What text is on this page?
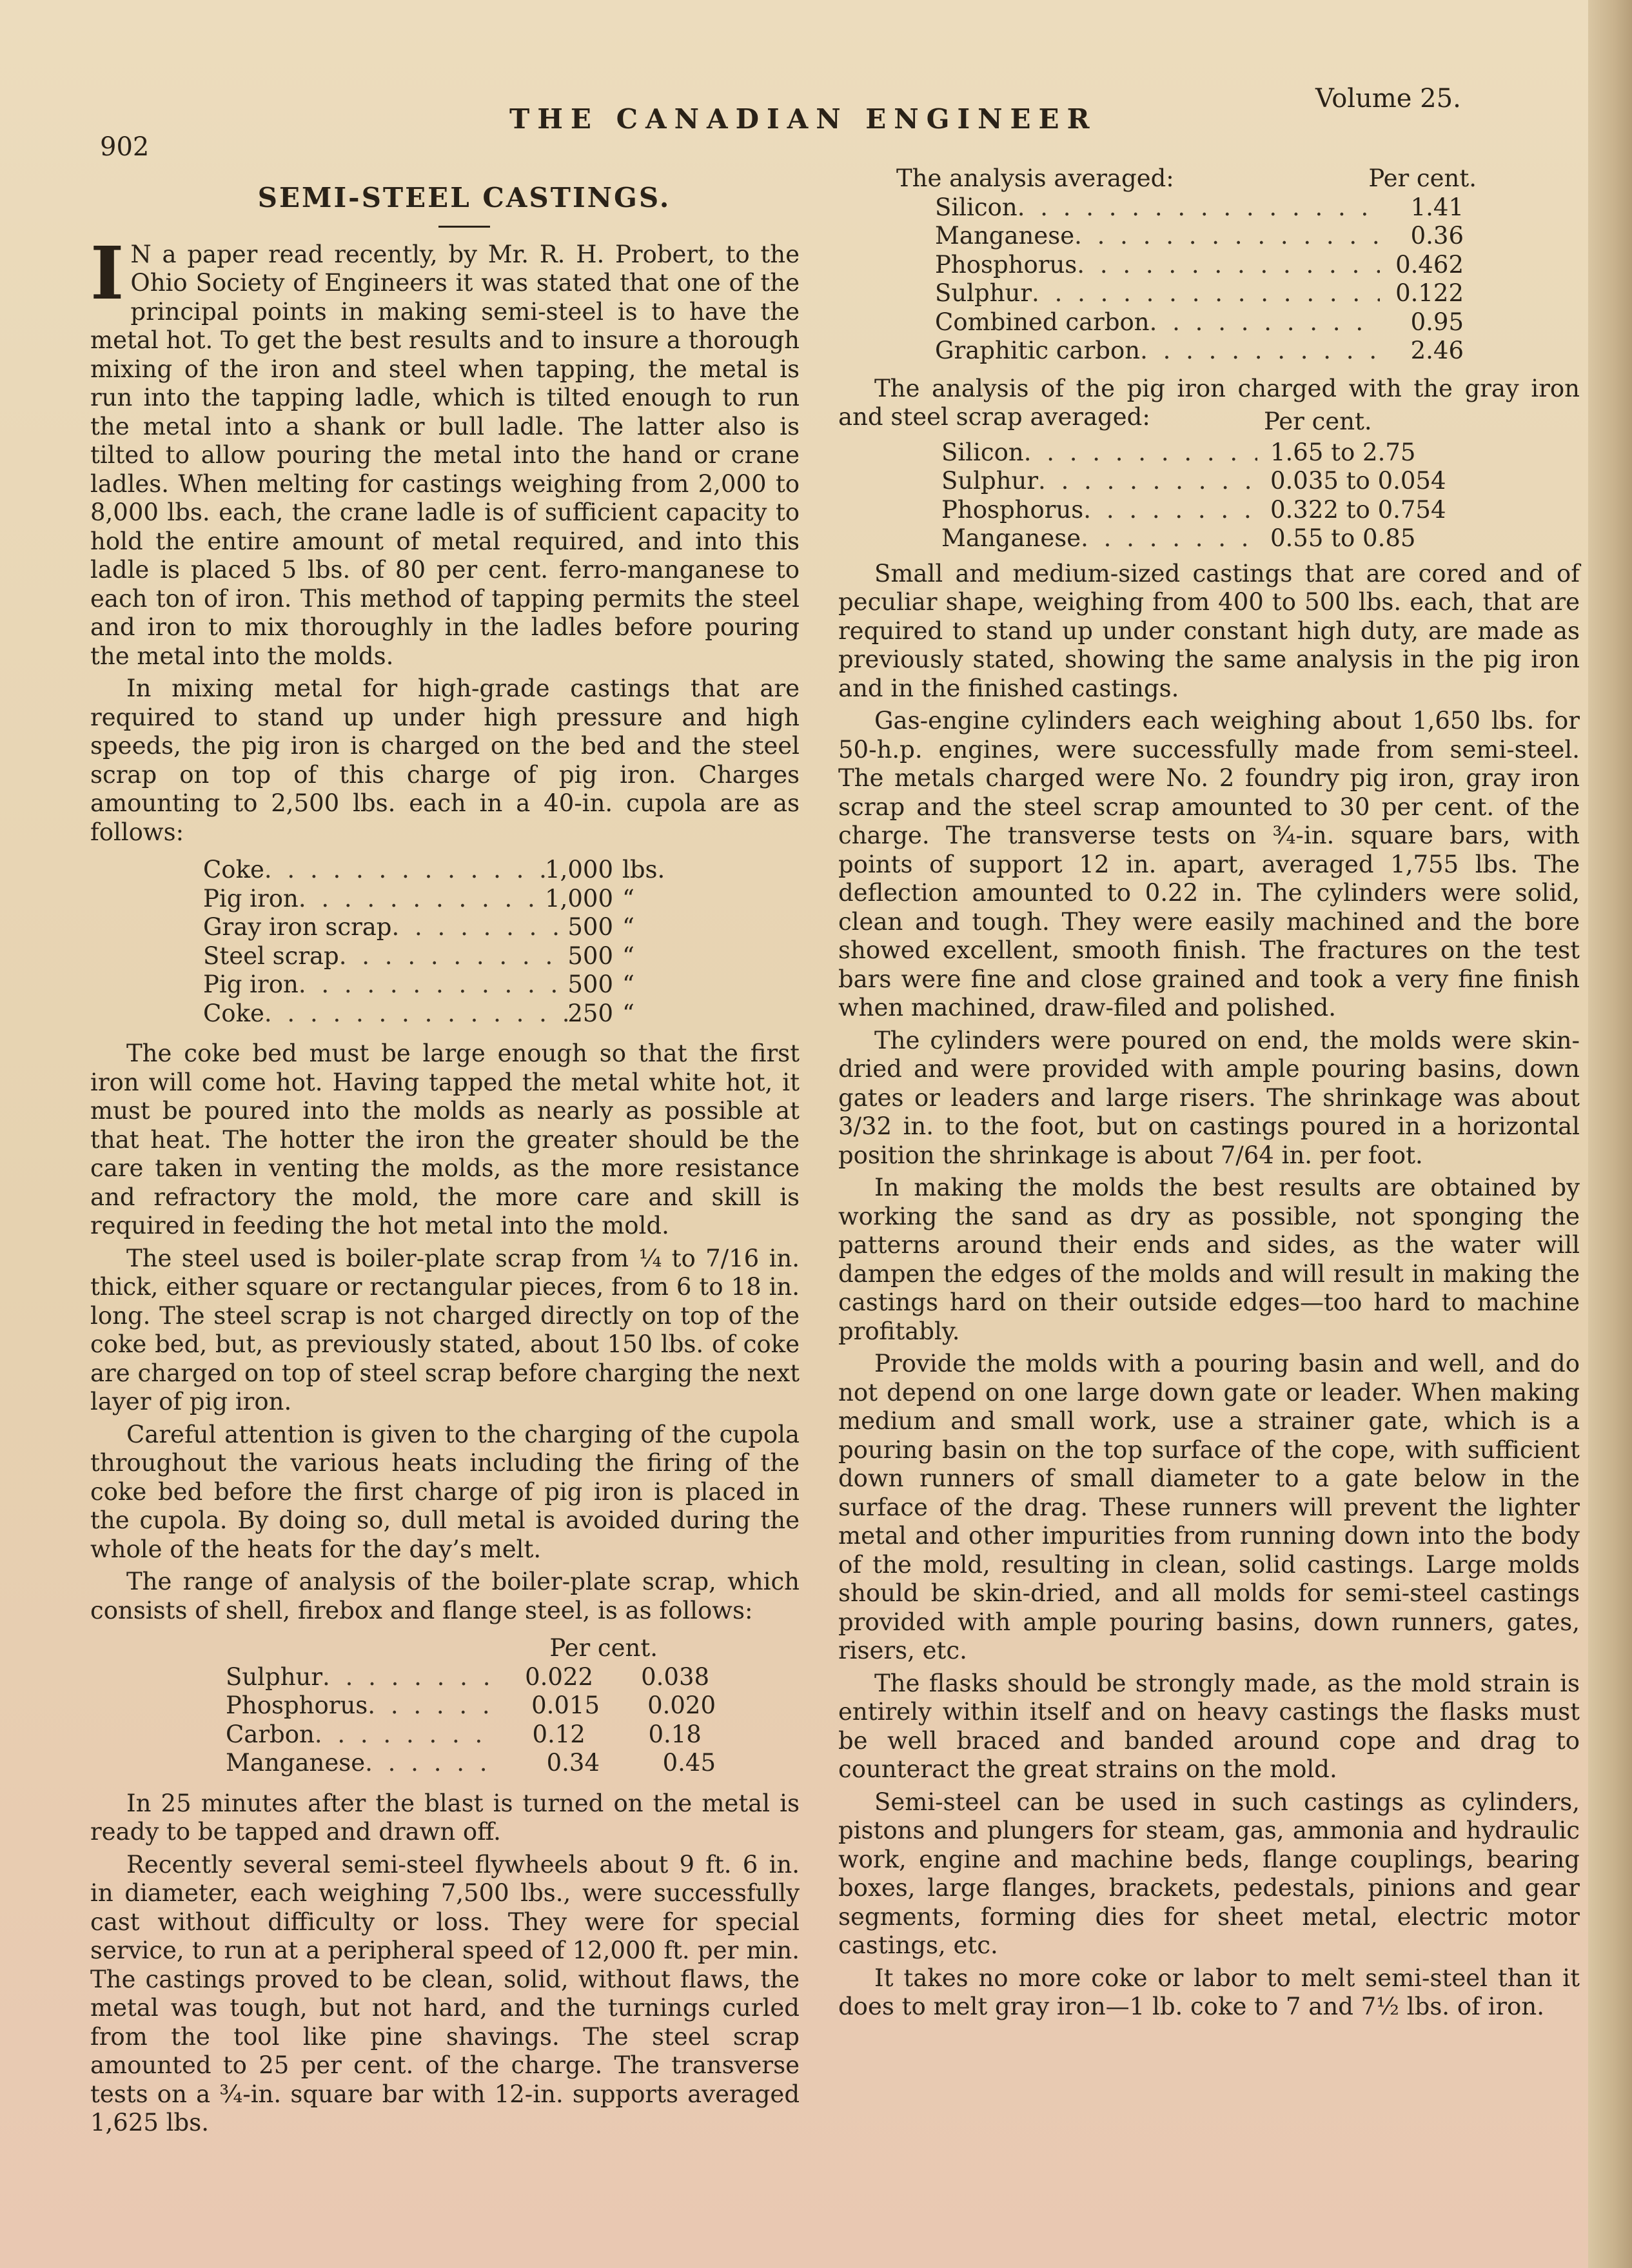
902
THE CANADIAN ENGINEER
Volume 25.
SEMI-STEEL CASTINGS.

I N a paper read recently, by Mr. R. H. Probert, to the Ohio Society of Engineers it was stated that one of the principal points in making semi-steel is to have the metal hot. To get the best results and to insure a thorough mixing of the iron and steel when tapping, the metal is run into the tapping ladle, which is tilted enough to run the metal into a shank or bull ladle. The latter also is tilted to allow pouring the metal into the hand or crane ladles. When melting for castings weighing from 2,000 to 8,000 lbs. each, the crane ladle is of sufficient capacity to hold the entire amount of metal required, and into this ladle is placed 5 lbs. of 80 per cent. ferro-manganese to each ton of iron. This method of tapping permits the steel and iron to mix thoroughly in the ladles before pouring the metal into the molds.

In mixing metal for high-grade castings that are required to stand up under high pressure and high speeds, the pig iron is charged on the bed and the steel scrap on top of this charge of pig iron. Charges amounting to 2,500 lbs. each in a 40-in. cupola are as follows:

Coke . . .	1,000 lbs.
Pig iron . . .	1,000 “
Gray iron scrap . . .	500 “
Steel scrap . . .	500 “
Pig iron . . .	500 “
Coke . . .	250 “

The coke bed must be large enough so that the first iron will come hot. Having tapped the metal white hot, it must be poured into the molds as nearly as possible at that heat. The hotter the iron the greater should be the care taken in venting the molds, as the more resistance and refractory the mold, the more care and skill is required in feeding the hot metal into the mold.

The steel used is boiler-plate scrap from ¼ to 7/16 in. thick, either square or rectangular pieces, from 6 to 18 in. long. The steel scrap is not charged directly on top of the coke bed, but, as previously stated, about 150 lbs. of coke are charged on top of steel scrap before charging the next layer of pig iron.

Careful attention is given to the charging of the cupola throughout the various heats including the firing of the coke bed before the first charge of pig iron is placed in the cupola. By doing so, dull metal is avoided during the whole of the heats for the day’s melt.

The range of analysis of the boiler-plate scrap, which consists of shell, firebox and flange steel, is as follows:

Per cent.
Sulphur . . .	0.022	0.038
Phosphorus . . .	0.015	0.020
Carbon . . .	0.12	0.18
Manganese . . .	0.34	0.45

In 25 minutes after the blast is turned on the metal is ready to be tapped and drawn off.

Recently several semi-steel flywheels about 9 ft. 6 in. in diameter, each weighing 7,500 lbs., were successfully cast without difficulty or loss. They were for special service, to run at a peripheral speed of 12,000 ft. per min. The castings proved to be clean, solid, without flaws, the metal was tough, but not hard, and the turnings curled from the tool like pine shavings. The steel scrap amounted to 25 per cent. of the charge. The transverse tests on a ¾-in. square bar with 12-in. supports averaged 1,625 lbs.

The analysis averaged:	Per cent.
Silicon . . .	1.41
Manganese . . .	0.36
Phosphorus . . .	0.462
Sulphur . . .	0.122
Combined carbon . . .	0.95
Graphitic carbon . . .	2.46

The analysis of the pig iron charged with the gray iron and steel scrap averaged:	Per cent.
Silicon . . .	1.65 to 2.75
Sulphur . . .	0.035 to 0.054
Phosphorus . . .	0.322 to 0.754
Manganese . . .	0.55 to 0.85

Small and medium-sized castings that are cored and of peculiar shape, weighing from 400 to 500 lbs. each, that are required to stand up under constant high duty, are made as previously stated, showing the same analysis in the pig iron and in the finished castings.

Gas-engine cylinders each weighing about 1,650 lbs. for 50-h.p. engines, were successfully made from semi-steel. The metals charged were No. 2 foundry pig iron, gray iron scrap and the steel scrap amounted to 30 per cent. of the charge. The transverse tests on ¾-in. square bars, with points of support 12 in. apart, averaged 1,755 lbs. The deflection amounted to 0.22 in. The cylinders were solid, clean and tough. They were easily machined and the bore showed excellent, smooth finish. The fractures on the test bars were fine and close grained and took a very fine finish when machined, draw-filed and polished.

The cylinders were poured on end, the molds were skin-dried and were provided with ample pouring basins, down gates or leaders and large risers. The shrinkage was about 3/32 in. to the foot, but on castings poured in a horizontal position the shrinkage is about 7/64 in. per foot.

In making the molds the best results are obtained by working the sand as dry as possible, not sponging the patterns around their ends and sides, as the water will dampen the edges of the molds and will result in making the castings hard on their outside edges—too hard to machine profitably.

Provide the molds with a pouring basin and well, and do not depend on one large down gate or leader. When making medium and small work, use a strainer gate, which is a pouring basin on the top surface of the cope, with sufficient down runners of small diameter to a gate below in the surface of the drag. These runners will prevent the lighter metal and other impurities from running down into the body of the mold, resulting in clean, solid castings. Large molds should be skin-dried, and all molds for semi-steel castings provided with ample pouring basins, down runners, gates, risers, etc.

The flasks should be strongly made, as the mold strain is entirely within itself and on heavy castings the flasks must be well braced and banded around cope and drag to counteract the great strains on the mold.

Semi-steel can be used in such castings as cylinders, pistons and plungers for steam, gas, ammonia and hydraulic work, engine and machine beds, flange couplings, bearing boxes, large flanges, brackets, pedestals, pinions and gear segments, forming dies for sheet metal, electric motor castings, etc.

It takes no more coke or labor to melt semi-steel than it does to melt gray iron—1 lb. coke to 7 and 7½ lbs. of iron.
